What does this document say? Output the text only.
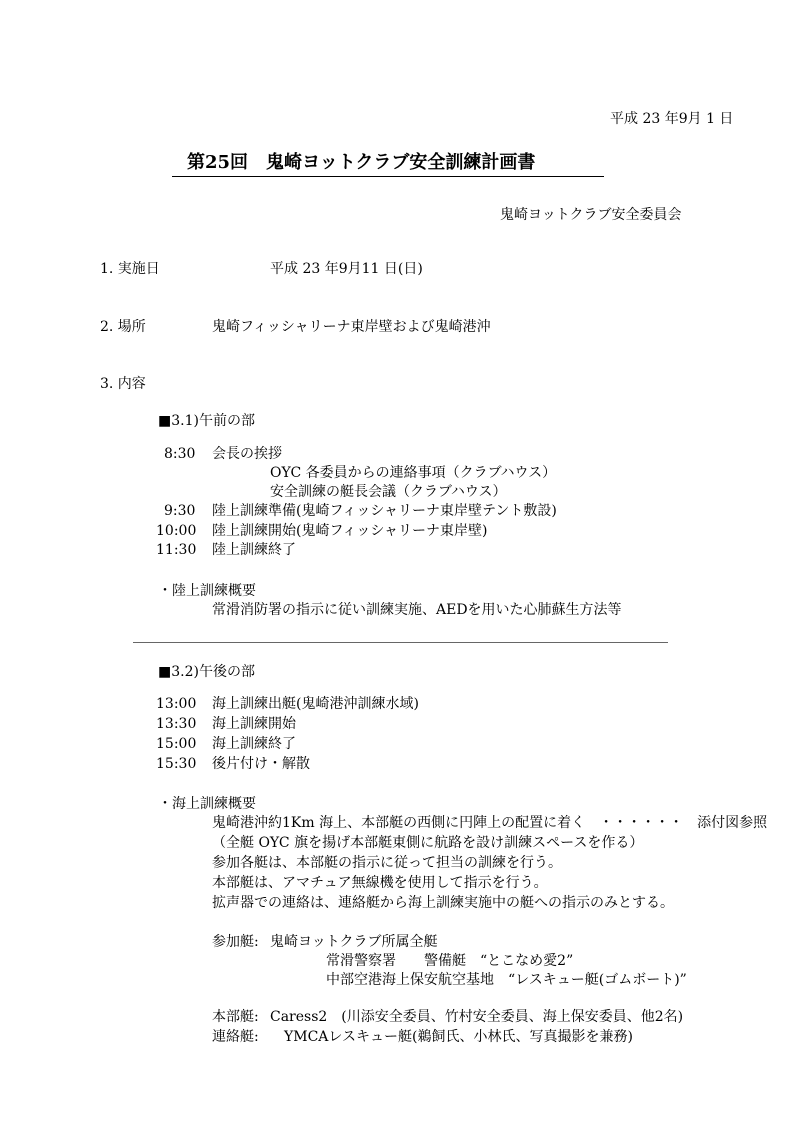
平成 23 年9月 1 日
第25回　鬼崎ヨットクラブ安全訓練計画書
鬼崎ヨットクラブ安全委員会
1. 実施日	平成 23 年9月11 日(日)
2. 場所	鬼崎フィッシャリーナ東岸壁および鬼崎港沖
3. 内容
■3.1)午前の部
8:30 会長の挨拶
OYC 各委員からの連絡事項（クラブハウス）
安全訓練の艇長会議（クラブハウス）
9:30 陸上訓練準備(鬼崎フィッシャリーナ東岸壁テント敷設)
10:00 陸上訓練開始(鬼崎フィッシャリーナ東岸壁)
11:30 陸上訓練終了
・陸上訓練概要
常滑消防署の指示に従い訓練実施、AEDを用いた心肺蘇生方法等
■3.2)午後の部
13:00 海上訓練出艇(鬼崎港沖訓練水域)
13:30 海上訓練開始
15:00 海上訓練終了
15:30 後片付け・解散
・海上訓練概要
鬼崎港沖約1Km 海上、本部艇の西側に円陣上の配置に着く　・・・・・・　添付図参照
（全艇 OYC 旗を揚げ本部艇東側に航路を設け訓練スペースを作る）
参加各艇は、本部艇の指示に従って担当の訓練を行う。
本部艇は、アマチュア無線機を使用して指示を行う。
拡声器での連絡は、連絡艇から海上訓練実施中の艇への指示のみとする。
参加艇: 鬼崎ヨットクラブ所属全艇
常滑警察署　　警備艇　“とこなめ愛2”
中部空港海上保安航空基地　“レスキュー艇(ゴムボート)”
本部艇: Caress2　(川添安全委員、竹村安全委員、海上保安委員、他2名)
連絡艇: YMCAレスキュー艇(鵜飼氏、小林氏、写真撮影を兼務)
